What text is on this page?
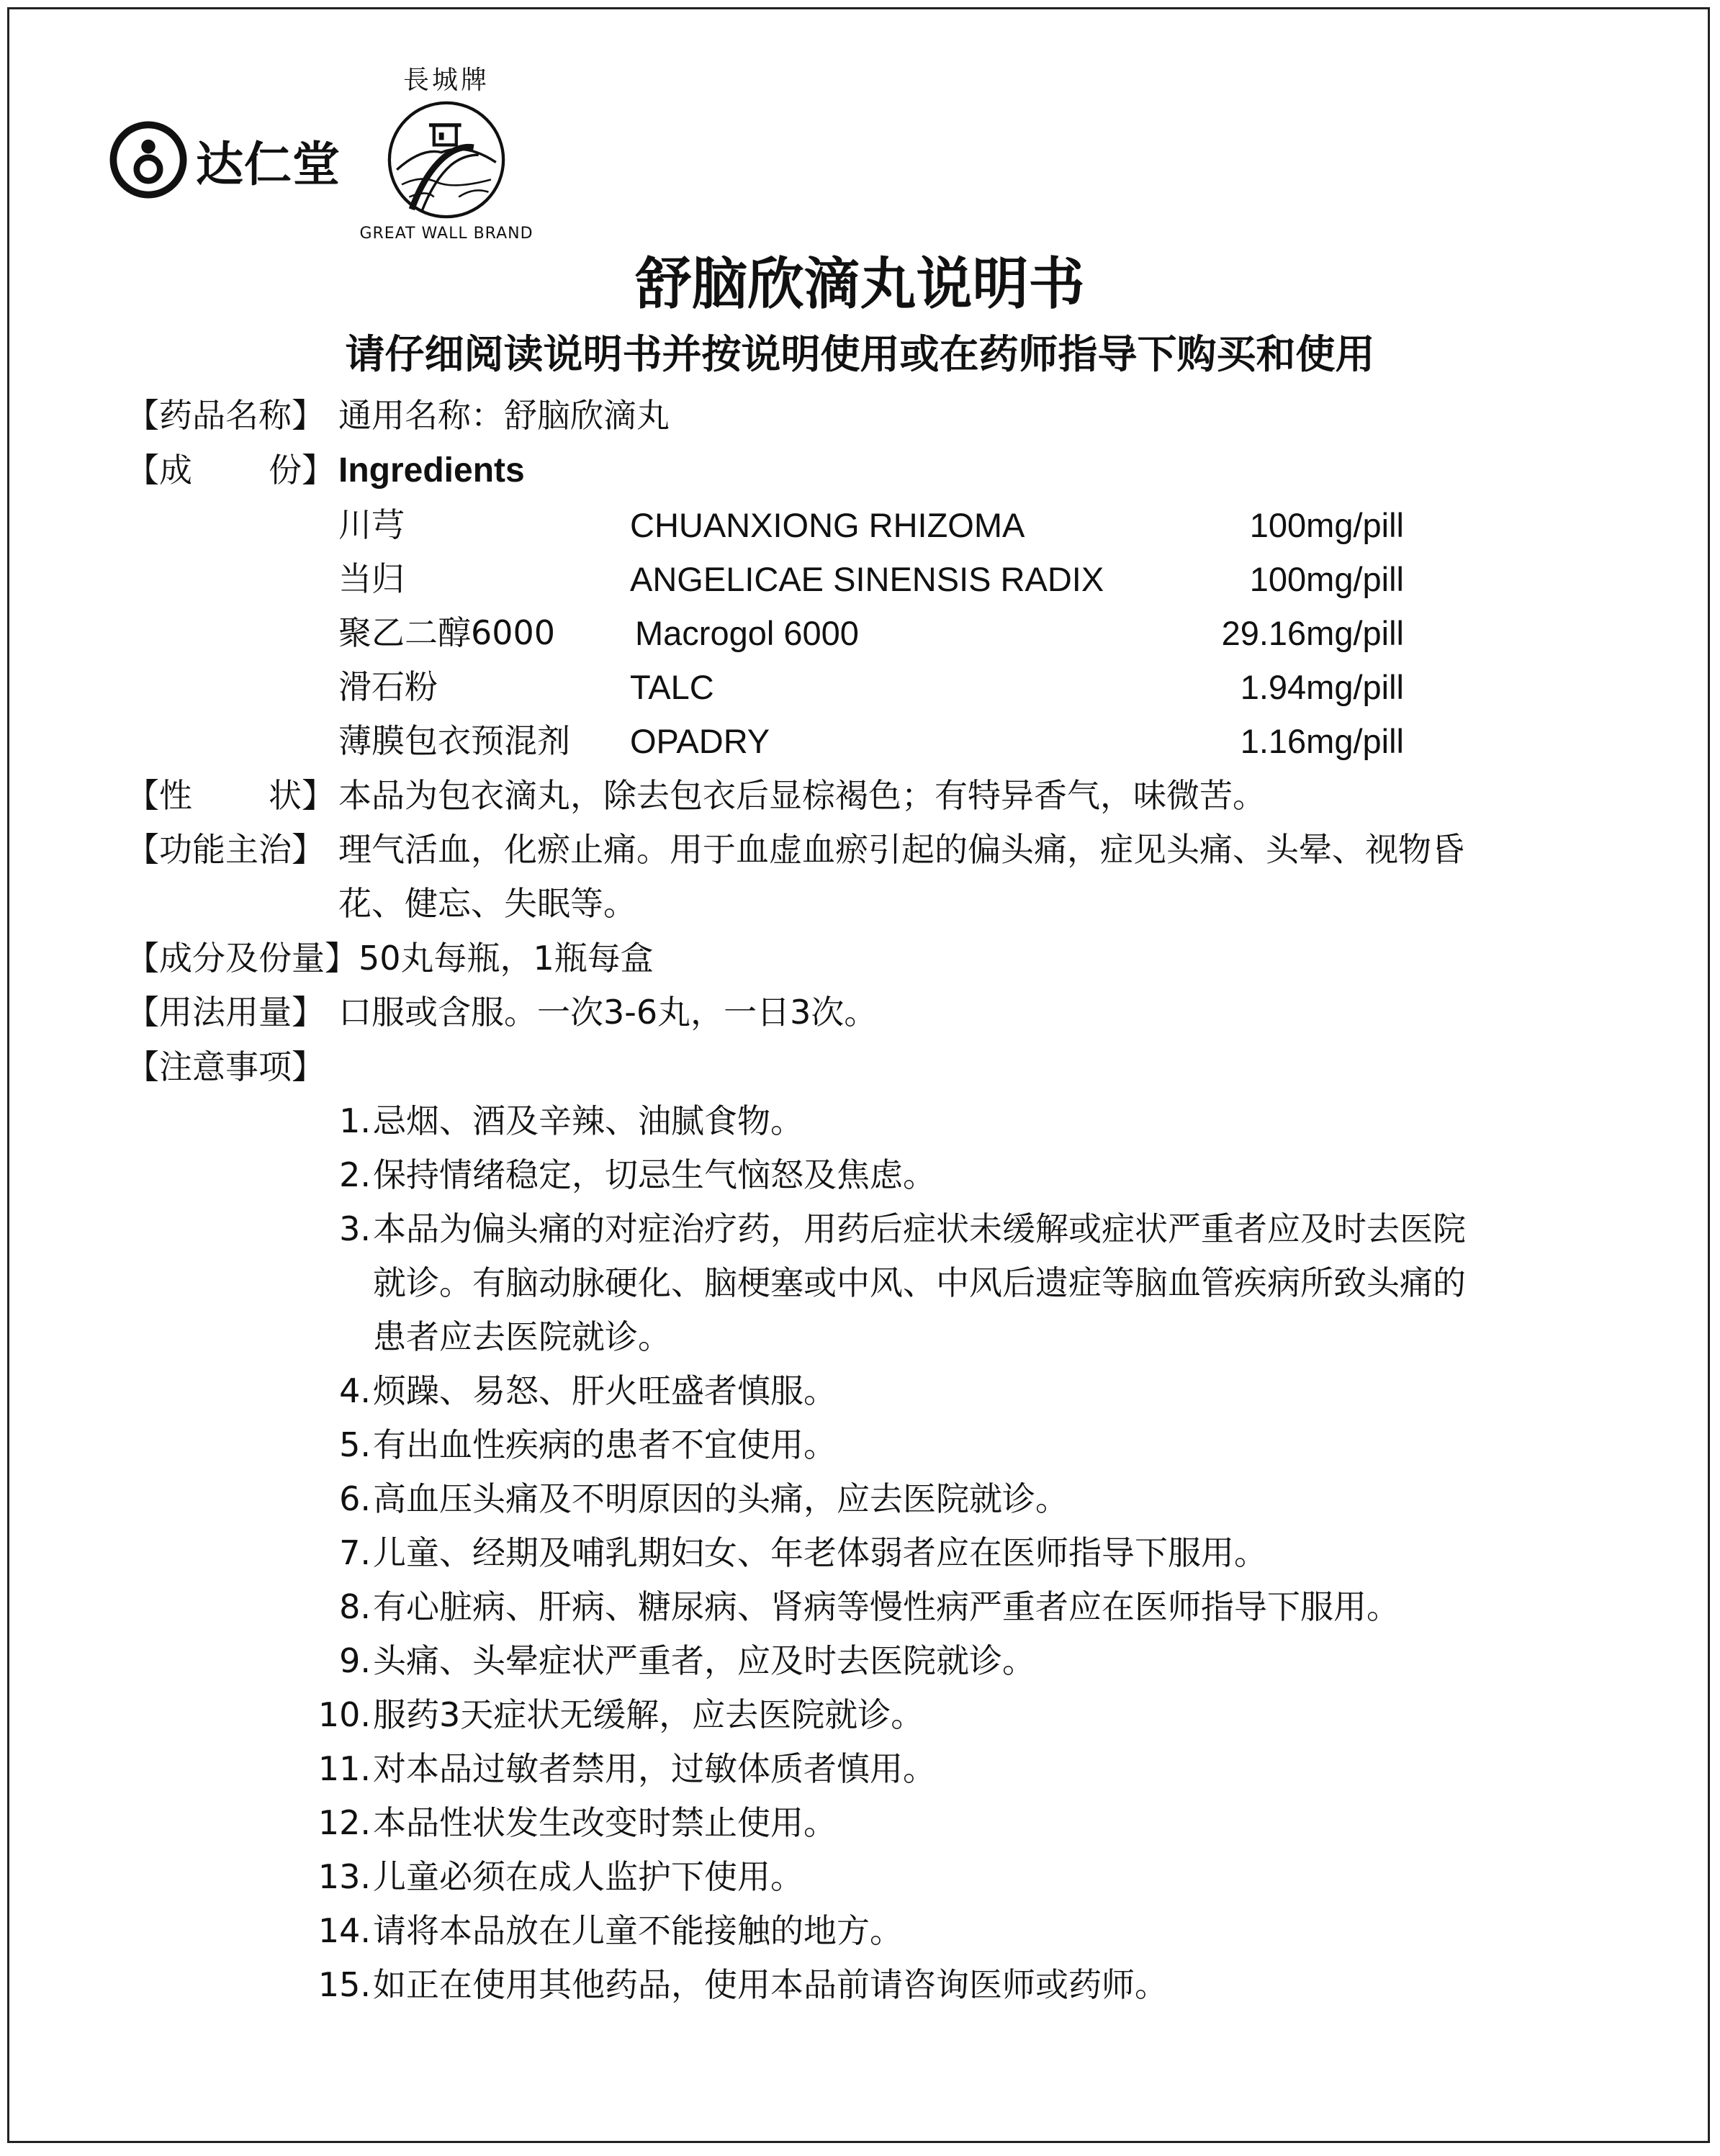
达仁堂
長城牌
GREAT WALL BRAND
舒脑欣滴丸说明书
请仔细阅读说明书并按说明使用或在药师指导下购买和使用
【药品名称】 通用名称：舒脑欣滴丸
【成 份】 Ingredients
川芎	CHUANXIONG RHIZOMA	100mg/pill
当归	ANGELICAE SINENSIS RADIX	100mg/pill
聚乙二醇6000 Macrogol 6000	29.16mg/pill
滑石粉	TALC	1.94mg/pill
薄膜包衣预混剂 OPADRY	1.16mg/pill
【性 状】 本品为包衣滴丸，除去包衣后显棕褐色；有特异香气，味微苦。
【功能主治】 理气活血，化瘀止痛。用于血虚血瘀引起的偏头痛，症见头痛、头晕、视物昏
花、健忘、失眠等。
【成分及份量】 50丸每瓶，1瓶每盒
【用法用量】 口服或含服。一次3-6丸，一日3次。
【注意事项】
1. 忌烟、酒及辛辣、油腻食物。
2. 保持情绪稳定，切忌生气恼怒及焦虑。
3. 本品为偏头痛的对症治疗药，用药后症状未缓解或症状严重者应及时去医院
就诊。有脑动脉硬化、脑梗塞或中风、中风后遗症等脑血管疾病所致头痛的
患者应去医院就诊。
4. 烦躁、易怒、肝火旺盛者慎服。
5. 有出血性疾病的患者不宜使用。
6. 高血压头痛及不明原因的头痛，应去医院就诊。
7. 儿童、经期及哺乳期妇女、年老体弱者应在医师指导下服用。
8. 有心脏病、肝病、糖尿病、肾病等慢性病严重者应在医师指导下服用。
9. 头痛、头晕症状严重者，应及时去医院就诊。
10. 服药3天症状无缓解，应去医院就诊。
11. 对本品过敏者禁用，过敏体质者慎用。
12. 本品性状发生改变时禁止使用。
13. 儿童必须在成人监护下使用。
14. 请将本品放在儿童不能接触的地方。
15. 如正在使用其他药品，使用本品前请咨询医师或药师。
